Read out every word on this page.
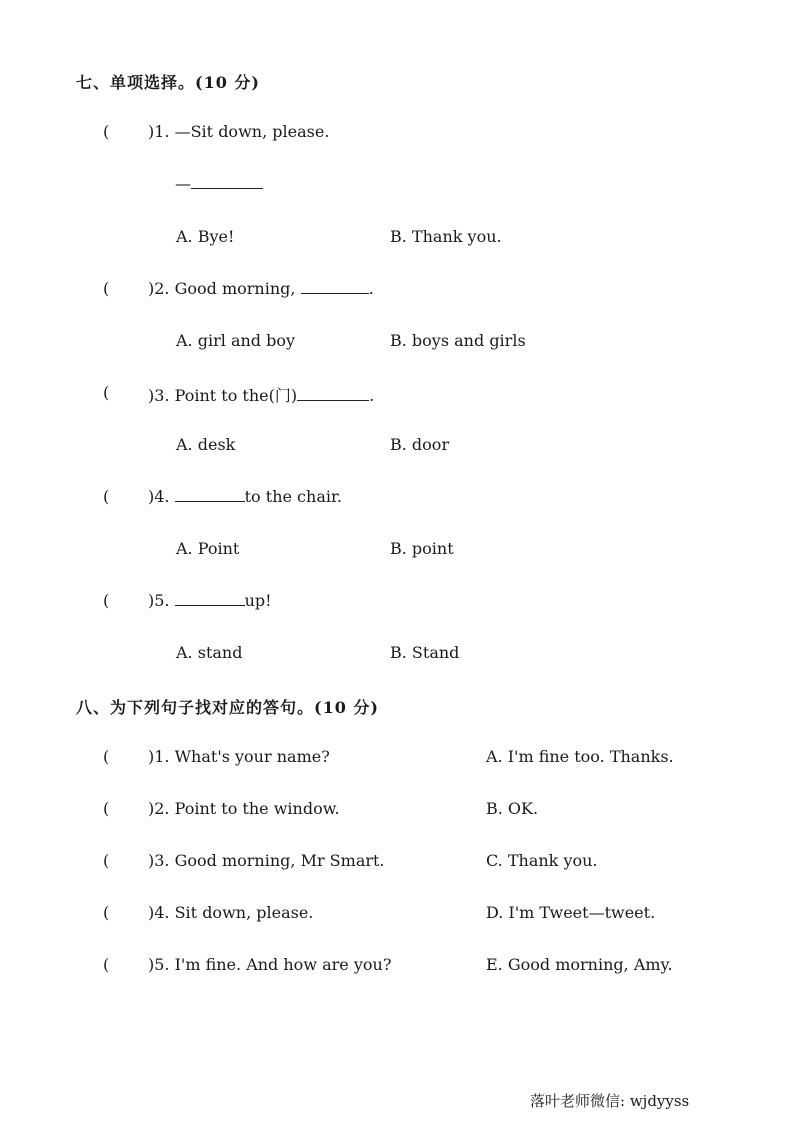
七、单项选择。(10 分)
( )1. —Sit down, please.
—
A. Bye!	B. Thank you.
( )2. Good morning,	.
A. girl and boy	B. boys and girls
( )3. Point to the(门)	.
A. desk	B. door
( )4.	to the chair.
A. Point	B. point
( )5.	up!
A. stand	B. Stand
八、为下列句子找对应的答句。(10 分)
( )1. What's your name?	A. I'm fine too. Thanks.
( )2. Point to the window.	B. OK.
( )3. Good morning, Mr Smart.	C. Thank you.
( )4. Sit down, please.	D. I'm Tweet—tweet.
( )5. I'm fine. And how are you?	E. Good morning, Amy.
落叶老师微信: wjdyyss
